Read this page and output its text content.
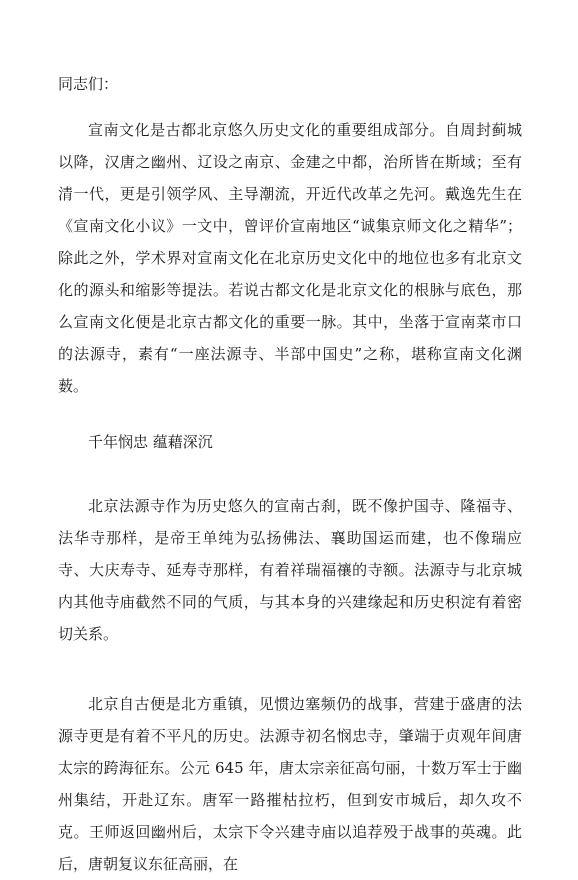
同志们：

宣南文化是古都北京悠久历史文化的重要组成部分。自周封蓟城以降，汉唐之幽州、辽设之南京、金建之中都，治所皆在斯域；至有清一代，更是引领学风、主导潮流，开近代改革之先河。戴逸先生在《宣南文化小议》一文中，曾评价宣南地区“诚集京师文化之精华”；除此之外，学术界对宣南文化在北京历史文化中的地位也多有北京文化的源头和缩影等提法。若说古都文化是北京文化的根脉与底色，那么宣南文化便是北京古都文化的重要一脉。其中，坐落于宣南菜市口的法源寺，素有“一座法源寺、半部中国史”之称，堪称宣南文化渊薮。

千年悯忠 蕴藉深沉

北京法源寺作为历史悠久的宣南古刹，既不像护国寺、隆福寺、法华寺那样，是帝王单纯为弘扬佛法、襄助国运而建，也不像瑞应寺、大庆寿寺、延寿寺那样，有着祥瑞福禳的寺额。法源寺与北京城内其他寺庙截然不同的气质，与其本身的兴建缘起和历史积淀有着密切关系。

北京自古便是北方重镇，见惯边塞频仍的战事，营建于盛唐的法源寺更是有着不平凡的历史。法源寺初名悯忠寺，肇端于贞观年间唐太宗的跨海征东。公元 645 年，唐太宗亲征高句丽，十数万军士于幽州集结，开赴辽东。唐军一路摧枯拉朽，但到安市城后，却久攻不克。王师返回幽州后，太宗下令兴建寺庙以追荐殁于战事的英魂。此后，唐朝复议东征高丽，在
